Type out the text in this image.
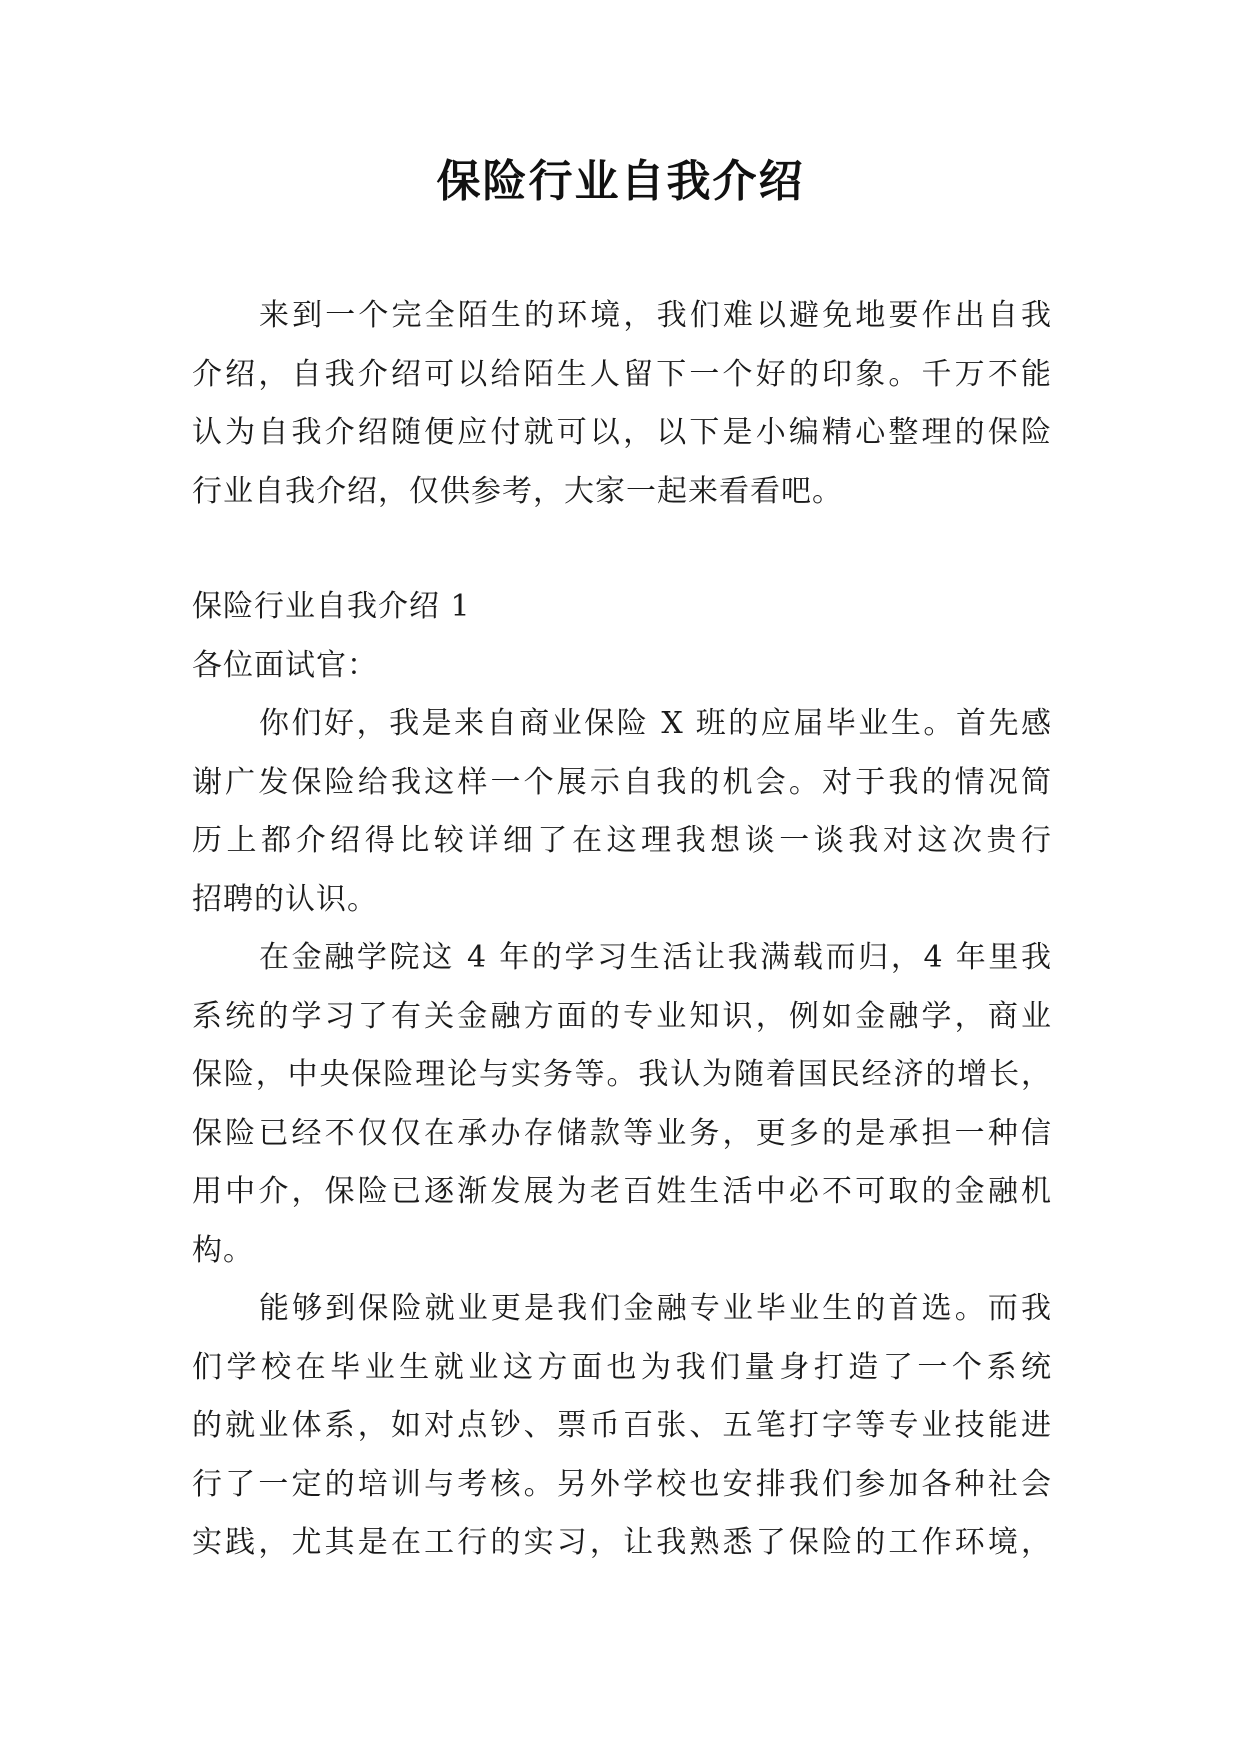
保险行业自我介绍
来到一个完全陌生的环境，我们难以避免地要作出自我
介绍，自我介绍可以给陌生人留下一个好的印象。千万不能
认为自我介绍随便应付就可以，以下是小编精心整理的保险
行业自我介绍，仅供参考，大家一起来看看吧。
保险行业自我介绍 1
各位面试官：
你们好，我是来自商业保险 X 班的应届毕业生。首先感
谢广发保险给我这样一个展示自我的机会。对于我的情况简
历上都介绍得比较详细了在这理我想谈一谈我对这次贵行
招聘的认识。
在金融学院这 4 年的学习生活让我满载而归，4 年里我
系统的学习了有关金融方面的专业知识，例如金融学，商业
保险，中央保险理论与实务等。我认为随着国民经济的增长，
保险已经不仅仅在承办存储款等业务，更多的是承担一种信
用中介，保险已逐渐发展为老百姓生活中必不可取的金融机
构。
能够到保险就业更是我们金融专业毕业生的首选。而我
们学校在毕业生就业这方面也为我们量身打造了一个系统
的就业体系，如对点钞、票币百张、五笔打字等专业技能进
行了一定的培训与考核。另外学校也安排我们参加各种社会
实践，尤其是在工行的实习，让我熟悉了保险的工作环境，
